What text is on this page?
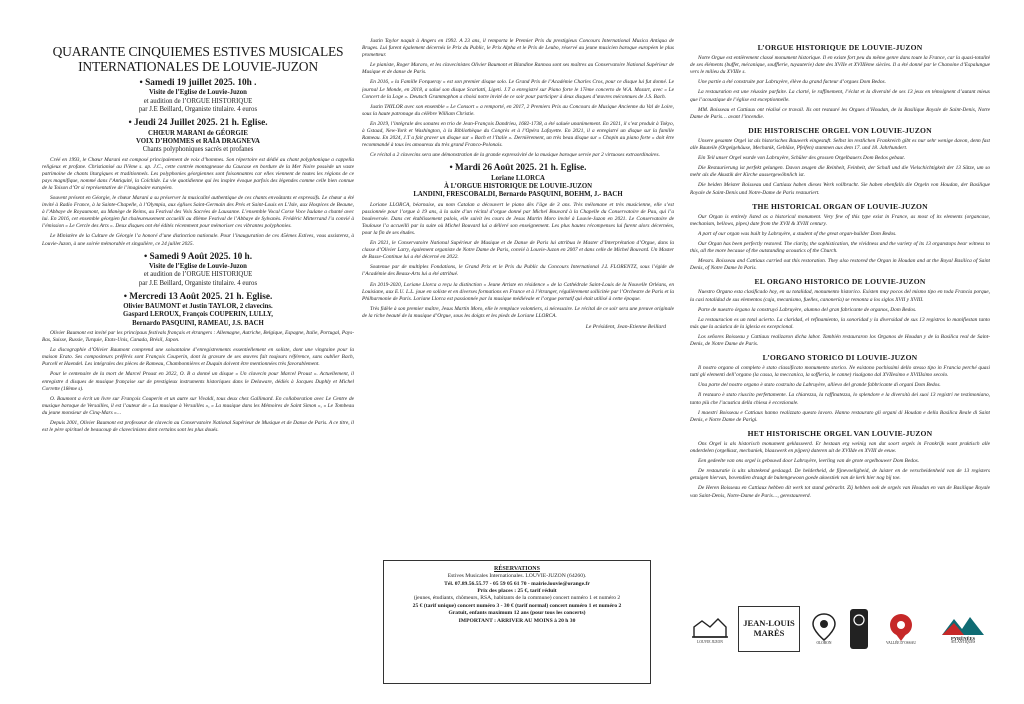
QUARANTE CINQUIEMES ESTIVES MUSICALES INTERNATIONALES DE LOUVIE-JUZON
• Samedi 19 juillet 2025. 10h .
Visite de l’Eglise de Louvie-Juzon
et audition de l’ORGUE HISTORIQUE
par J.E Beillard, Organiste titulaire. 4 euros
• Jeudi 24 Juillet 2025. 21 h. Eglise.
CHŒUR MARANI de GÉORGIE
VOIX D’HOMMES et RAÏA DRAGNEVA
Chants polyphoniques sacrés et profanes

Créé en 1993, le Chœur Marani est composé principalement de voix d’hommes. Son répertoire est dédié au chant polyphonique a cappella religieux et profane. Christianisé au IVème s. ap. J.C., cette contrée montagneuse du Caucase en bordure de la Mer Noire possède un vaste patrimoine de chants liturgiques et traditionnels. Les polyphonies géorgiennes sont foisonnantes car elles viennent de toutes les régions de ce pays magnifique, nommé dans l’Antiquité, la Colchide. La vie quotidienne qui les inspire évoque parfois des légendes comme celle bien connue de la Toison d’Or si représentative de l’imaginaire européen.

Souvent présent en Géorgie, le chœur Marani a su préserver la musicalité authentique de ces chants envoûtants et expressifs. Le chœur a été invité à Radio France, à la Sainte-Chapelle, à l’Olympia, aux églises Saint-Germain des Prés et Saint-Louis en L’Isle, aux Hospices de Beaune, à l’Abbaye de Royaumont, au Manège de Reims, au Festival des Voix Sacrées de Lausanne. L’ensemble Vocal Corse Voce Isulane a chanté avec lui. En 2016, cet ensemble géorgien fut chaleureusement accueilli au 40ème Festival de l’Abbaye de Sylvanès. Frédéric Mitterrand l’a convié à l’émission « Le Cercle des Arts ». Deux disques ont été édités récemment pour mémoriser ces vibrantes polyphonies.

Le Ministère de la Culture de Géorgie l’a honoré d’une distinction nationale. Pour l’inauguration de ces 45èmes Estives, vous assisterez, à Louvie-Juzon, à une soirée mémorable et singulière, ce 24 juillet 2025.

• Samedi 9 Août 2025. 10 h.
Visite de l’Eglise de Louvie-Juzon
et audition de l’ORGUE HISTORIQUE
par J.E Beillard, Organiste titulaire. 4 euros
• Mercredi 13 Août 2025. 21 h. Eglise.
Olivier BAUMONT et Justin TAYLOR, 2 clavecins.
Gaspard LEROUX, François COUPERIN, LULLY,
Bernardo PASQUINI, RAMEAU, J.S. BACH

Olivier Baumont est invité par les principaux festivals français et étrangers : Allemagne, Autriche, Belgique, Espagne, Italie, Portugal, Pays-Bas, Suisse, Russie, Turquie, Etats-Unis, Canada, Brésil, Japon.

La discographie d’Olivier Baumont comprend une soixantaine d’enregistrements essentiellement en soliste, dont une vingtaine pour la maison Erato. Ses compositeurs préférés sont François Couperin, dont la gravure de ses œuvres fait toujours référence, sans oublier Bach, Purcell et Haendel. Les intégrales des pièces de Rameau, Chambonnières et Duquin doivent être mentionnées très favorablement.

Pour le centenaire de la mort de Marcel Proust en 2022, O. B a donné un disque « Un clavecin pour Marcel Proust ». Actuellement, il enregistre 4 disques de musique française sur de prestigieux instruments historiques dans le Delaware, dédiés à Jacques Duphly et Michel Corrette (18ème s).

O. Baumont a écrit un livre sur François Couperin et un autre sur Vivaldi, tous deux chez Gallimard. En collaboration avec Le Centre de musique baroque de Versailles, il est l’auteur de « La musique à Versailles », « La musique dans les Mémoires de Saint Simon », « Le Tombeau du jeune monsieur de Cinq-Mars »…

Depuis 2001, Olivier Baumont est professeur de clavecin au Conservatoire National Supérieur de Musique et de Danse de Paris. A ce titre, il est le père spirituel de beaucoup de clavecinistes dont certains sont les plus doués.

Justin Taylor naquit à Angers en 1992. A 23 ans, il remporta le Premier Prix du prestigieux Concours International Musica Antiqua de Bruges. Lui furent également décernés le Prix du Public, le Prix Alpha et le Prix de Leubo, réservé au jeune musicien baroque européen le plus prometteur.

Le pianiste, Roger Muraro, et les clavecinistes Olivier Baumont et Blandine Rannou sont ses maîtres au Conservatoire National Supérieur de Musique et de danse de Paris.

En 2016, « la Famille Forqueray » est son premier disque solo. Le Grand Prix de l’Académie Charles Cros, pour ce disque lui fut donné. Le journal Le Monde, en 2018, a salué son disque Scarlatti, Ligeti. J.T a enregistré sur Piano forte le 17ème concerto de W.A. Mozart, avec « Le Concert de la Loge ». Deutsch Grammophon a choisi notre invité de ce soir pour participer à deux disques d’œuvres méconnues de J.S. Bach.

Justin TAYLOR avec son ensemble « Le Consort » a remporté, en 2017, 2 Premiers Prix au Concours de Musique Ancienne du Val de Loire, sous la haute patronage du célèbre William Christie.

En 2019, l’intégrale des sonates en trio de Jean-François Dandrieu, 1682-1738, a été saluée unanimement. En 2021, il s’est produit à Tokyo, à Gstaad, New-York et Washington, à la Bibliothèque du Congrès et à l’Opéra Lafayette. En 2021, il a enregistré un disque sur la famille Rameau. En 2024, J.T a fait graver un disque sur « Bach et l’Italie ». Dernièrement, un très beau disque sur « Chopin au piano forte » doit être recommandé à tous les amoureux du très grand Franco-Polonais.

Ce récital a 2 clavecins sera une démonstration de la grande expressivité de la musique baroque servie par 2 virtuoses extraordinaires.

• Mardi 26 Août 2025. 21 h. Eglise.
Loriane LLORCA
À L’ORGUE HISTORIQUE DE LOUVIE-JUZON
LANDINI, FRESCOBALDI, Bernardo PASQUINI, BOEHM, J.- BACH

Loriane LLORCA, béarnaise, au nom Catalan a découvert le piano dès l’âge de 3 ans. Très mélomane et très musicienne, elle s’est passionnée pour l’orgue à 19 ans, à la suite d’un récital d’orgue donné par Michel Bouvard à la Chapelle du Conservatoire de Pau, qui l’a bouleversée. Dans cet établissement palois, elle suivit les cours de Jesus Martin Moro invité à Louvie-Juzon en 2021. Le Conservatoire de Toulouse l’a accueilli par la suite où Michel Bouvard lui a délivré son enseignement. Les plus hautes récompenses lui furent alors décernées, pour la fin de ses études.

En 2021, le Conservatoire National Supérieur de Musique et de Danse de Paris lui attribua le Master d’Interprétation d’Orgue, dans la classe d’Olivier Latry, également organiste de Notre Dame de Paris, convié à Louvie-Juzon en 2007 et dans celle de Michel Bouvard. Un Master de Basse-Continue lui a été décerné en 2022.

Soutenue par de multiples Fondations, le Grand Prix et le Prix du Public du Concours International J.L FLORENTZ, sous l’égide de l’Académie des Beaux-Arts lui a été attribué.

En 2019-2020, Loriane Llorca a reçu la distinction « Jeune Artiste en résidence » de la Cathédrale Saint-Louis de la Nouvelle Orléans, en Louisiane, aux E.U. L.L. joue en soliste et en diverses formations en France et à l’étranger, régulièrement sollicitée par l’Orchestre de Paris et la Philharmonie de Paris. Loriane Llorca est passionnée par la musique médiévale et l’orgue portatif qui était utilisé à cette époque.

Très fidèle à son premier maître, Jesus Martin Moro, elle le remplace volontiers, si nécessaire. Le récital de ce soir sera une preuve originale de la riche beauté de la musique d’Orgue, sous les doigts et les pieds de Loriane LLORCA.

Le Président, Jean-Etienne Beillard
RÉSERVATIONS
Estives Musicales Internationales. LOUVIE-JUZON (64260).
Tél. 07.89.56.55.77 - 05 59 05 61 70 - mairie.louvie@orange.fr
Prix des places : 25 €, tarif réduit
(jeunes, étudiants, chômeurs, RSA, habitants de la commune) concert numéro 1 et numéro 2
25 € (tarif unique) concert numéro 3 - 30 € (tarif normal) concert numéro 1 et numéro 2
Gratuit, enfants maximum 12 ans (pour tous les concerts)
IMPORTANT : ARRIVER AU MOINS à 20 h 30
L’ORGUE HISTORIQUE DE LOUVIE-JUZON

Notre Orgue est entièrement classé monument historique. Il en existe fort peu du même genre dans toute la France, car la quasi-totalité de ses éléments (buffet, mécanique, soufflerie, tuyauterie) date des XVIIe et XVIIIème siècles. Il a été donné par le Chanoine d’Espalungue vers le milieu du XVIIIe s.

Une partie a été construite par Labruyère, élève du grand facteur d’orgues Dom Bedos.

La restauration est une réussite parfaite. La clarté, le raffinement, l’éclat et la diversité de ses 13 jeux en témoignent d’autant mieux que l’acoustique de l’église est exceptionnelle.

MM. Boisseau et Cattiaux ont réalisé ce travail. Ils ont restauré les Orgues d’Houdan, de la Basilique Royale de Saint-Denis, Notre Dame de Paris… avant l’incendie.

DIE HISTORISCHE ORGEL VON LOUVIE-JUZON

Unsere gesamte Orgel ist als historisches Bauwerk eingestuft. Selbst im restlichen Frankreich gibt es nur sehr wenige davon, denn fast alle Bauteile (Orgelgehäuse, Mechanik, Gebläse, Pfeifen) stammen aus dem 17. und 18. Jahrhundert.

Ein Teil unser Orgel wurde von Labruyère, Schüler des grossen Orgelbauers Dom Bedos gebaut.

Die Restaurierung ist perfekt gelungen. Davon zeugen die Reinheit, Feinheit, der Schall und die Vielschichtigkeit der 13 Sätze, um so mehr als die Akustik der Kirche aussergewöhnlich ist.

Die beiden Meister Boisseau und Cattiaux haben dieses Werk vollbracht. Sie haben ebenfalls die Orgeln von Houdan, der Basilique Royale de Saint-Denis und Notre-Dame de Paris restauriert.

THE HISTORICAL ORGAN OF LOUVIE-JUZON

Our Organ is entirely listed as a historical monument. Very few of this type exist in France, as most of its elements (organcase, mechanism, bellows, pipes) date from the XVII & XVIII century.

A part of our organ was built by Labruyère, a student of the great organ-builder Dom Bedos.

Our Organ has been perfectly restored. The clarity, the sophistication, the vividness and the variety of its 13 organstops bear witness to this, all the more because of the outstanding acoustics of the Church.

Messrs. Boisseau and Cattiaux carried out this restoration. They also restored the Organ in Houdan and at the Royal Basilica of Saint Denis, of Notre Dame In Paris.

EL ORGANO HISTORICO DE LOUVIE-JUZON

Nuestro Organo esta clasificado hoy, en su totalidad, monumento historico. Existen muy pocos del mismo tipo en toda Francia porque, la casi totalidad de sus elementos (caja, mecanismo, fuelles, canonería) se remonta a los siglos XVII y XVIII.

Parte de nuestro órgano la construyó Labruyère, alumno del gran fabricante de organos, Dom Bedos.

La restauracion es un total acierto. La claridad, el refinamiento, la sonoridad y la diversidad de sus 13 registros lo manifiestan tanto más que la acústica de la iglesia es excepcional.

Los señores Boisseau y Cattiaux realizaron dicha labor. También restauraron los Organos de Houdan y de la Basilica real de Saint-Denis, de Notre Dame de Paris.

L’ORGANO STORICO DI LOUVIE-JUZON

Il nostro organo al completo è stato classificato monumento storico. Ne esistono pochissimi dello stesso tipo in Francia perché quasi tutti gli elementi dell’organo (la cassa, la meccanica, la soffieria, le canne) risalgono dal XVIIesimo e XVIIIsimo secolo.

Una parte del nostro organo è stato costruito da Labruyère, allievo del grande fabbricante di organi Dom Bedos.

Il restauro è stato riuscito perfettamente. La chiarezza, la raffinatezza, lo splendore e la diversità dei suoi 13 registri ne testimoniano, tanto più che l’acustica della chiesa è eccezionale.

I maestri Boisseau e Cattiaux hanno realizzato questo lavoro. Hanno restaurato gli organi di Houdan e della Basilica Reale di Saint Denis, e Notre Dame de Parigi.

HET HISTORISCHE ORGEL VAN LOUVIE-JUZON

Ons Orgel is als historisch monument geklasseerd. Er bestaan erg weinig van dat soort orgels in Frankrijk want praktisch alle onderdelen (orgelkast, mechaniek, blaaswerk en pijpen) dateren uit de XVIIde en XVIII de eeuw.

Een gedeelte van ons orgel is gebouwd door Labruyère, leerling van de grote orgelbouwer Dom Bedos.

De restauratie is uits uitstekend geslaagd. De helderheid, de fijnevoeligheid, de luister en de verscheidenheid van de 13 registers getuigen hiervan, bovendien draagt de buitengewoon goede akoestiek van de kerk hier nog bij toe.

De Heren Boisseau en Cattiaux hebben dit werk tot stand gebracht. Zij hebben ook de orgels van Houdan en van de Basilique Royale van Saint-Denis, Notre-Dame de Paris…, gerestaureerd.

LOUVIE JUZON
JEAN-LOUIS
MARÈS
OLORON	VALLÉE D’OSSAU
PYRÉNÉES
ATLANTIQUES
